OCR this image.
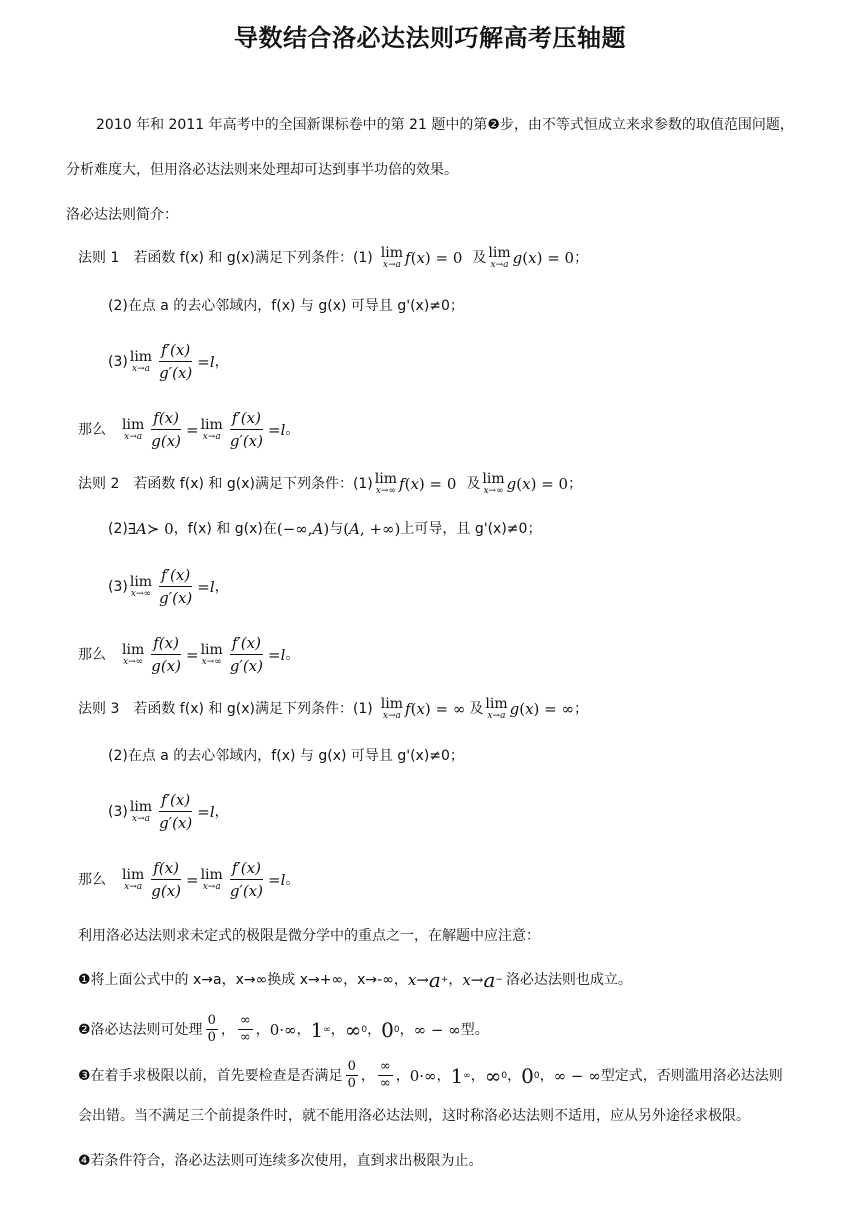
导数结合洛必达法则巧解高考压轴题
2010 年和 2011 年高考中的全国新课标卷中的第 21 题中的第❷步，由不等式恒成立来求参数的取值范围问题，
分析难度大，但用洛必达法则来处理却可达到事半功倍的效果。
洛必达法则简介：
法则 1 若函数 f(x) 和 g(x)满足下列条件：(1) lim
x→a f ( x ) = 0 及 lim
x→a g ( x ) = 0 ；
(2)在点 a 的去心邻域内，f(x) 与 g(x) 可导且 g'(x)≠0；
(3) lim
$x\to a \frac{f'(x)}{g'(x)} = l$ ，
那么 lim
$x\to a \frac{f(x)}{g(x)} = \lim$
$x\to a \frac{f'(x)}{g'(x)} = l$ 。
法则 2 若函数 f(x) 和 g(x)满足下列条件：(1) lim
x→∞ f ( x ) = 0 及 lim
x→∞ g ( x ) = 0 ；
(2) ∃ A ≻ 0 ，f(x) 和 g(x)在 (−∞, A ) 与 ( A , +∞) 上可导，且 g'(x)≠0；
(3) lim
$x\to\infty \frac{f'(x)}{g'(x)} = l$ ，
那么 lim
$x\to\infty \frac{f(x)}{g(x)} = \lim$
$x\to\infty \frac{f'(x)}{g'(x)} = l$ 。
法则 3 若函数 f(x) 和 g(x)满足下列条件：(1) lim
x→a f ( x ) = ∞ 及 lim
x→a g ( x ) = ∞ ；
(2)在点 a 的去心邻域内，f(x) 与 g(x) 可导且 g'(x)≠0；
(3) lim
$x\to a \frac{f'(x)}{g'(x)} = l$ ，
那么 lim
$x\to a \frac{f(x)}{g(x)} = \lim$
$x\to a \frac{f'(x)}{g'(x)} = l$ 。
利用洛必达法则求未定式的极限是微分学中的重点之一，在解题中应注意：
❶将上面公式中的 x→a，x→∞换成 x→+∞，x→-∞， x → a + ， x → a − 洛必达法则也成立。
❷洛必达法则可处理 $\frac{0}{0}$ ， $\frac{\infty}{\infty}$ ， 0·∞ ， 1 ∞ ， ∞ 0 ， 0 0 ， ∞ − ∞ 型。
❸在着手求极限以前，首先要检查是否满足 $\frac{0}{0}$ ， $\frac{\infty}{\infty}$ ， 0·∞ ， 1 ∞ ， ∞ 0 ， 0 0 ， ∞ − ∞ 型定式，否则滥用洛必达法则
会出错。当不满足三个前提条件时，就不能用洛必达法则，这时称洛必达法则不适用，应从另外途径求极限。
❹若条件符合，洛必达法则可连续多次使用，直到求出极限为止。
